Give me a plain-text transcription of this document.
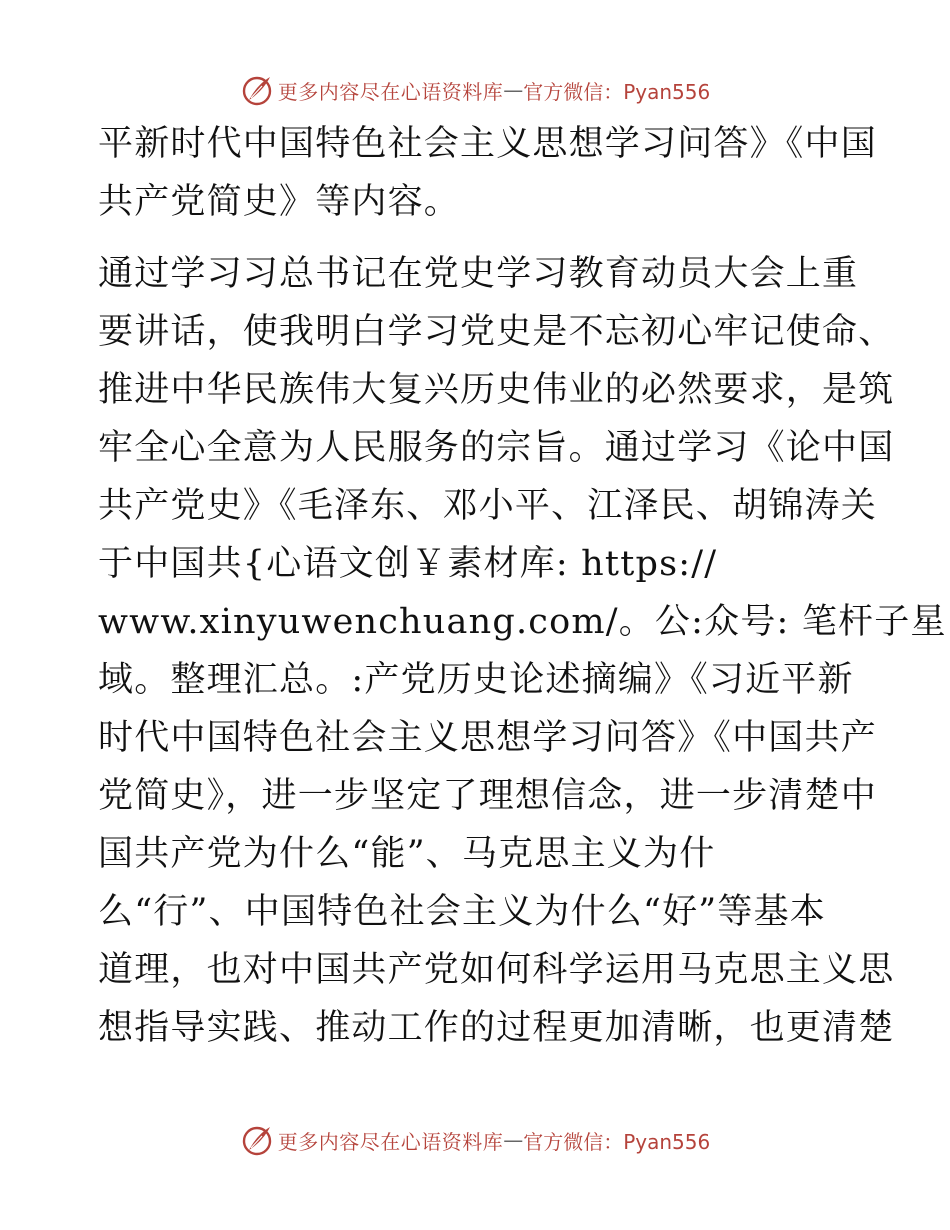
更多内容尽在心语资料库 — 官方微信：Pyan556
平新时代中国特色社会主义思想学习问答》《中国
共产党简史》等内容。
通过学习习总书记在党史学习教育动员大会上重
要讲话，使我明白学习党史是不忘初心牢记使命、
推进中华民族伟大复兴历史伟业的必然要求，是筑
牢全心全意为人民服务的宗旨。通过学习《论中国
共产党史》《毛泽东、邓小平、江泽民、胡锦涛关
于中国共{心语文创￥素材库: https://
www.xinyuwenchuang.com/。公:众号: 笔杆子星
域。整理汇总。:产党历史论述摘编》《习近平新
时代中国特色社会主义思想学习问答》《中国共产
党简史》，进一步坚定了理想信念，进一步清楚中
国共产党为什么“能”、马克思主义为什
么“行”、中国特色社会主义为什么“好”等基本
道理，也对中国共产党如何科学运用马克思主义思
想指导实践、推动工作的过程更加清晰，也更清楚
更多内容尽在心语资料库 — 官方微信：Pyan556
